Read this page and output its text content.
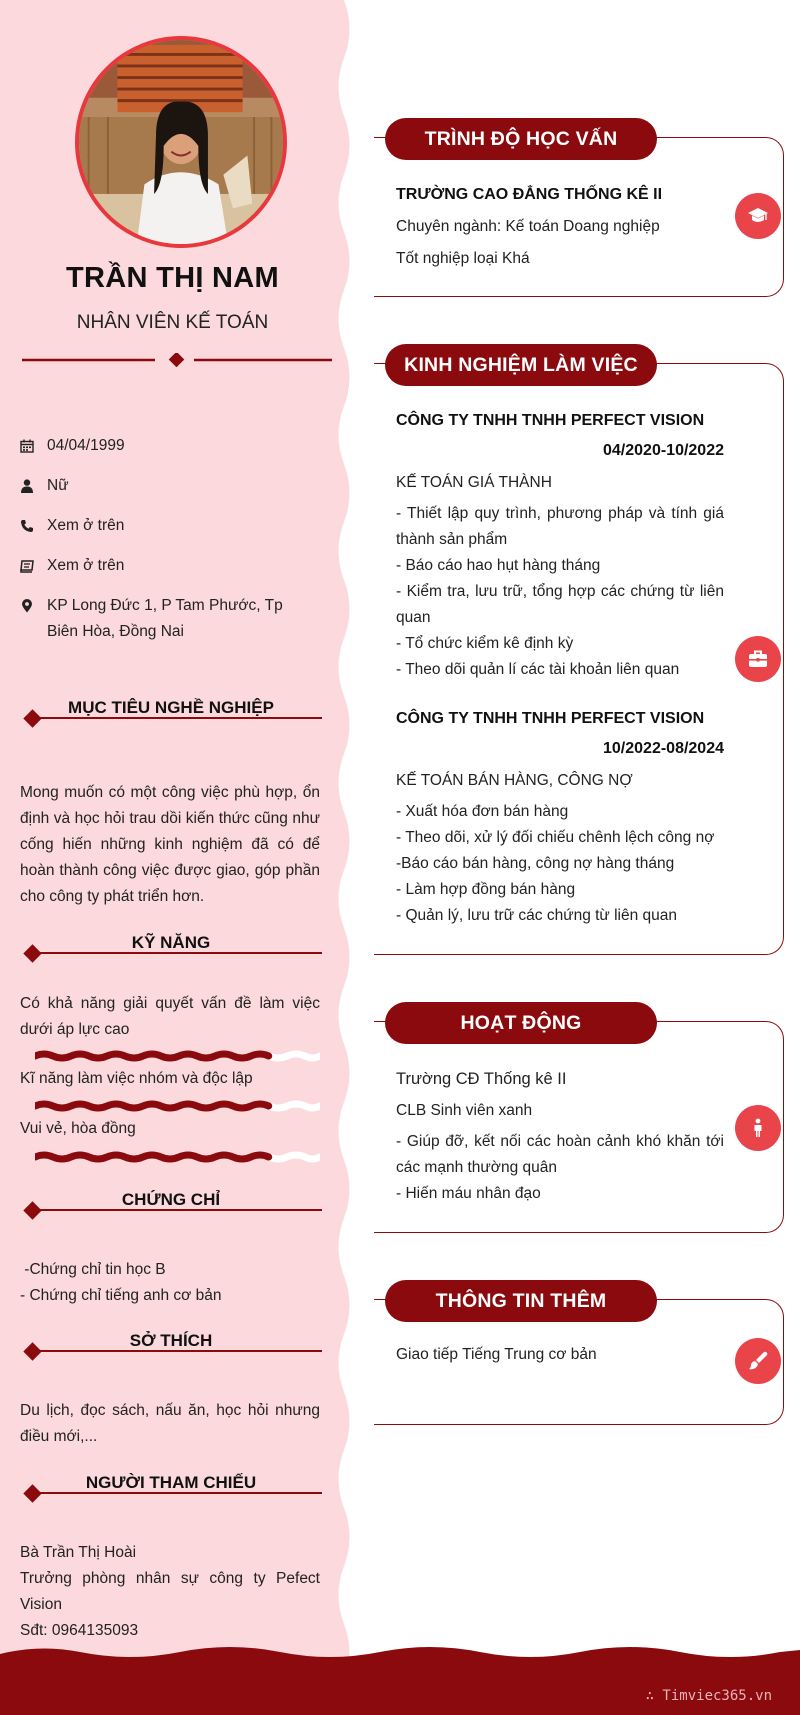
TRẦN THỊ NAM
NHÂN VIÊN KẾ TOÁN
04/04/1999
Nữ
Xem ở trên
Xem ở trên
KP Long Đức 1, P Tam Phước, Tp
Biên Hòa, Đồng Nai
MỤC TIÊU NGHỀ NGHIỆP
Mong muốn có một công việc phù hợp, ổn định và học hỏi trau dồi kiến thức cũng như cống hiến những kinh nghiệm đã có để hoàn thành công việc được giao, góp phần cho công ty phát triển hơn.
KỸ NĂNG
Có khả năng giải quyết vấn đề làm việc dưới áp lực cao
Kĩ năng làm việc nhóm và độc lập
Vui vẻ, hòa đồng
CHỨNG CHỈ
-Chứng chỉ tin học B
- Chứng chỉ tiếng anh cơ bản
SỞ THÍCH
Du lịch, đọc sách, nấu ăn, học hỏi nhưng điều mới,...
NGƯỜI THAM CHIẾU
Bà Trần Thị Hoài
Trưởng phòng nhân sự công ty Pefect Vision
Sđt: 0964135093
TRÌNH ĐỘ HỌC VẤN
TRƯỜNG CAO ĐẲNG THỐNG KÊ II
Chuyên ngành: Kế toán Doang nghiệp
Tốt nghiệp loại Khá
KINH NGHIỆM LÀM VIỆC
CÔNG TY TNHH TNHH PERFECT VISION
04/2020-10/2022
KẾ TOÁN GIÁ THÀNH
- Thiết lập quy trình, phương pháp và tính giá thành sản phẩm
- Báo cáo hao hụt hàng tháng
- Kiểm tra, lưu trữ, tổng hợp các chứng từ liên quan
- Tổ chức kiểm kê định kỳ
- Theo dõi quản lí các tài khoản liên quan
CÔNG TY TNHH TNHH PERFECT VISION
10/2022-08/2024
KẾ TOÁN BÁN HÀNG, CÔNG NỢ
- Xuất hóa đơn bán hàng
- Theo dõi, xử lý đối chiếu chênh lệch công nợ
-Báo cáo bán hàng, công nợ hàng tháng
- Làm hợp đồng bán hàng
- Quản lý, lưu trữ các chứng từ liên quan
HOẠT ĐỘNG
Trường CĐ Thống kê II
CLB Sinh viên xanh
- Giúp đỡ, kết nối các hoàn cảnh khó khăn tới các mạnh thường quân
- Hiến máu nhân đạo
THÔNG TIN THÊM
Giao tiếp Tiếng Trung cơ bản
∴ Timviec365.vn
